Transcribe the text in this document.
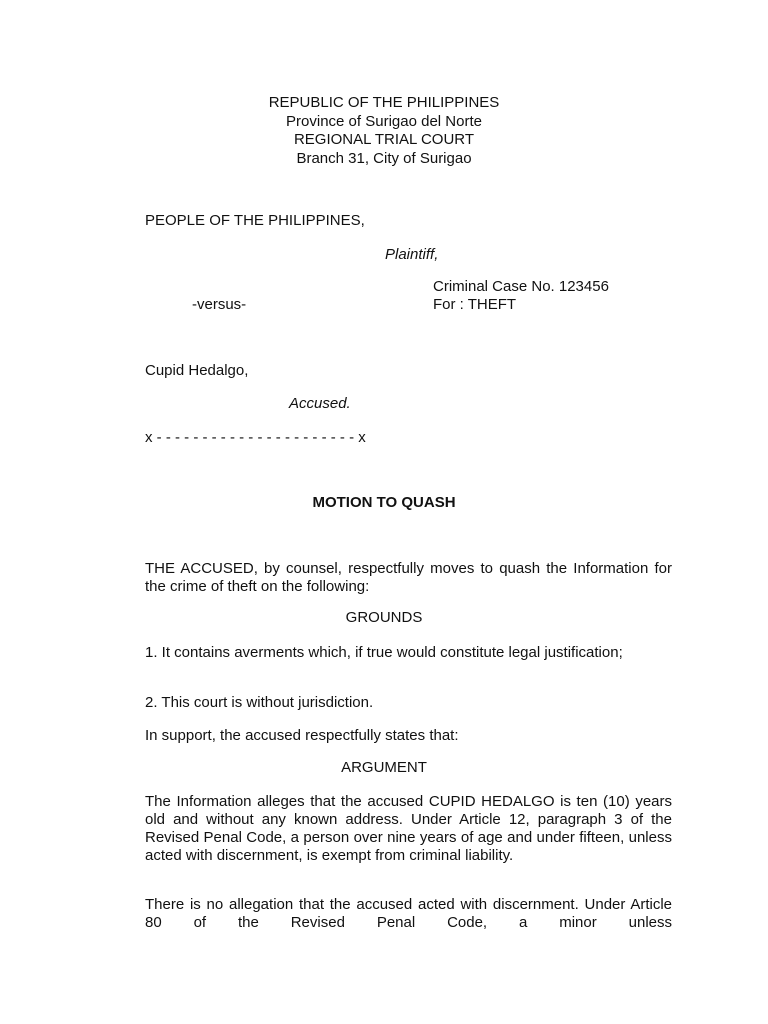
REPUBLIC OF THE PHILIPPINES
Province of Surigao del Norte
REGIONAL TRIAL COURT
Branch 31, City of Surigao

PEOPLE OF THE PHILIPPINES,

Plaintiff,

Criminal Case No. 123456

-versus-	For : THEFT

Cupid Hedalgo,

Accused.

x - - - - - - - - - - - - - - - - - - - - - - x

MOTION TO QUASH

THE ACCUSED, by counsel, respectfully moves to quash the Information for the crime of theft on the following:

GROUNDS

1. It contains averments which, if true would constitute legal justification;

2. This court is without jurisdiction.

In support, the accused respectfully states that:

ARGUMENT

The Information alleges that the accused CUPID HEDALGO is ten (10) years old and without any known address. Under Article 12, paragraph 3 of the Revised Penal Code, a person over nine years of age and under fifteen, unless acted with discernment, is exempt from criminal liability.

There is no allegation that the accused acted with discernment. Under Article 80 of the Revised Penal Code, a minor unless
